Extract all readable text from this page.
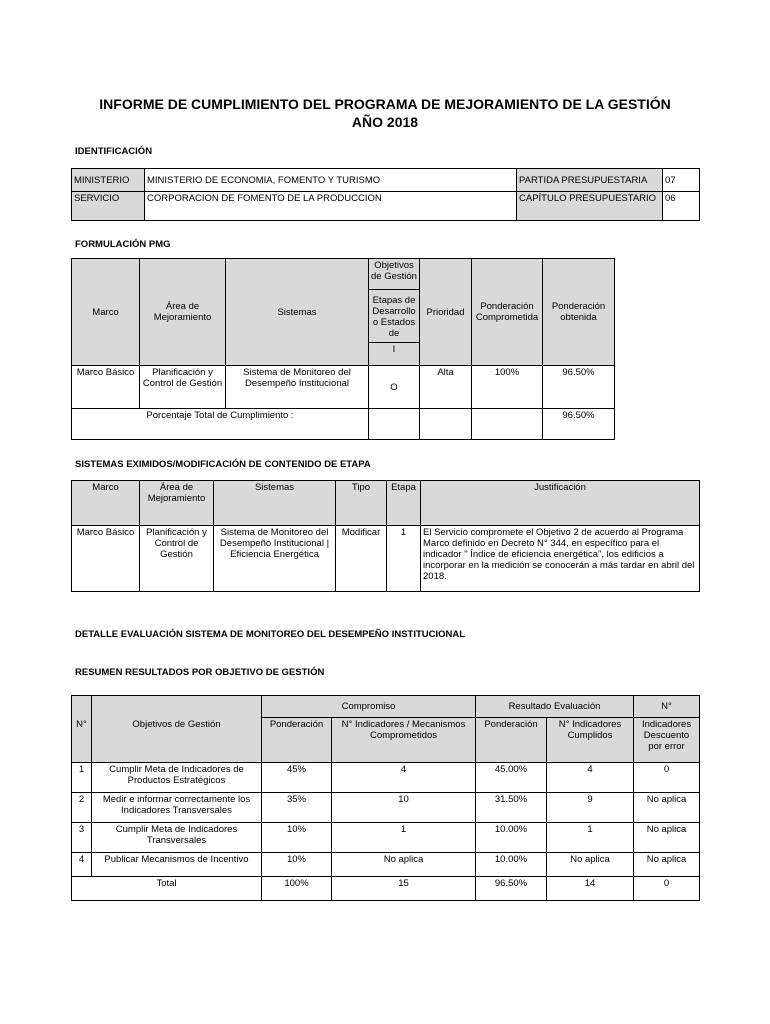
INFORME DE CUMPLIMIENTO DEL PROGRAMA DE MEJORAMIENTO DE LA GESTIÓN
AÑO 2018
IDENTIFICACIÓN
MINISTERIO	MINISTERIO DE ECONOMIA, FOMENTO Y TURISMO	PARTIDA PRESUPUESTARIA	07
SERVICIO	CORPORACION DE FOMENTO DE LA PRODUCCION	CAPÍTULO PRESUPUESTARIO	06
FORMULACIÓN PMG
Marco	Área de Mejoramiento	Sistemas	Objetivos de Gestión	Prioridad	Ponderación Comprometida	Ponderación obtenida

			Etapas de Desarrollo o Estados de			

			I			
Marco Básico	Planificación y Control de Gestión	Sistema de Monitoreo del Desempeño Institucional	O	Alta	100%	96.50%
Porcentaje Total de Cumplimiento :						96.50%
SISTEMAS EXIMIDOS/MODIFICACIÓN DE CONTENIDO DE ETAPA
Marco	Área de Mejoramiento	Sistemas	Tipo	Etapa	Justificación
Marco Básico	Planificación y Control de Gestión	Sistema de Monitoreo del Desempeño Institucional | Eficiencia Energética	Modificar	1	El Servicio compromete el Objetivo 2 de acuerdo al Programa Marco definido en Decreto N° 344, en específico para el indicador " Índice de eficiencia energética", los edificios a incorporar en la medición se conocerán a más tardar en abril del 2018.
DETALLE EVALUACIÓN SISTEMA DE MONITOREO DEL DESEMPEÑO INSTITUCIONAL
RESUMEN RESULTADOS POR OBJETIVO DE GESTIÓN
		Compromiso		Resultado Evaluación		N°
N°	Objetivos de Gestión	Ponderación	N° Indicadores / Mecanismos Comprometidos	Ponderación	N° Indicadores Cumplidos	Indicadores Descuento por error
1	Cumplir Meta de Indicadores de Productos Estratégicos	45%	4	45.00%	4	0
2	Medir e informar correctamente los Indicadores Transversales	35%	10	31.50%	9	No aplica
3	Cumplir Meta de Indicadores Transversales	10%	1	10.00%	1	No aplica
4	Publicar Mecanismos de Incentivo	10%	No aplica	10.00%	No aplica	No aplica
Total		100%	15	96.50%	14	0
